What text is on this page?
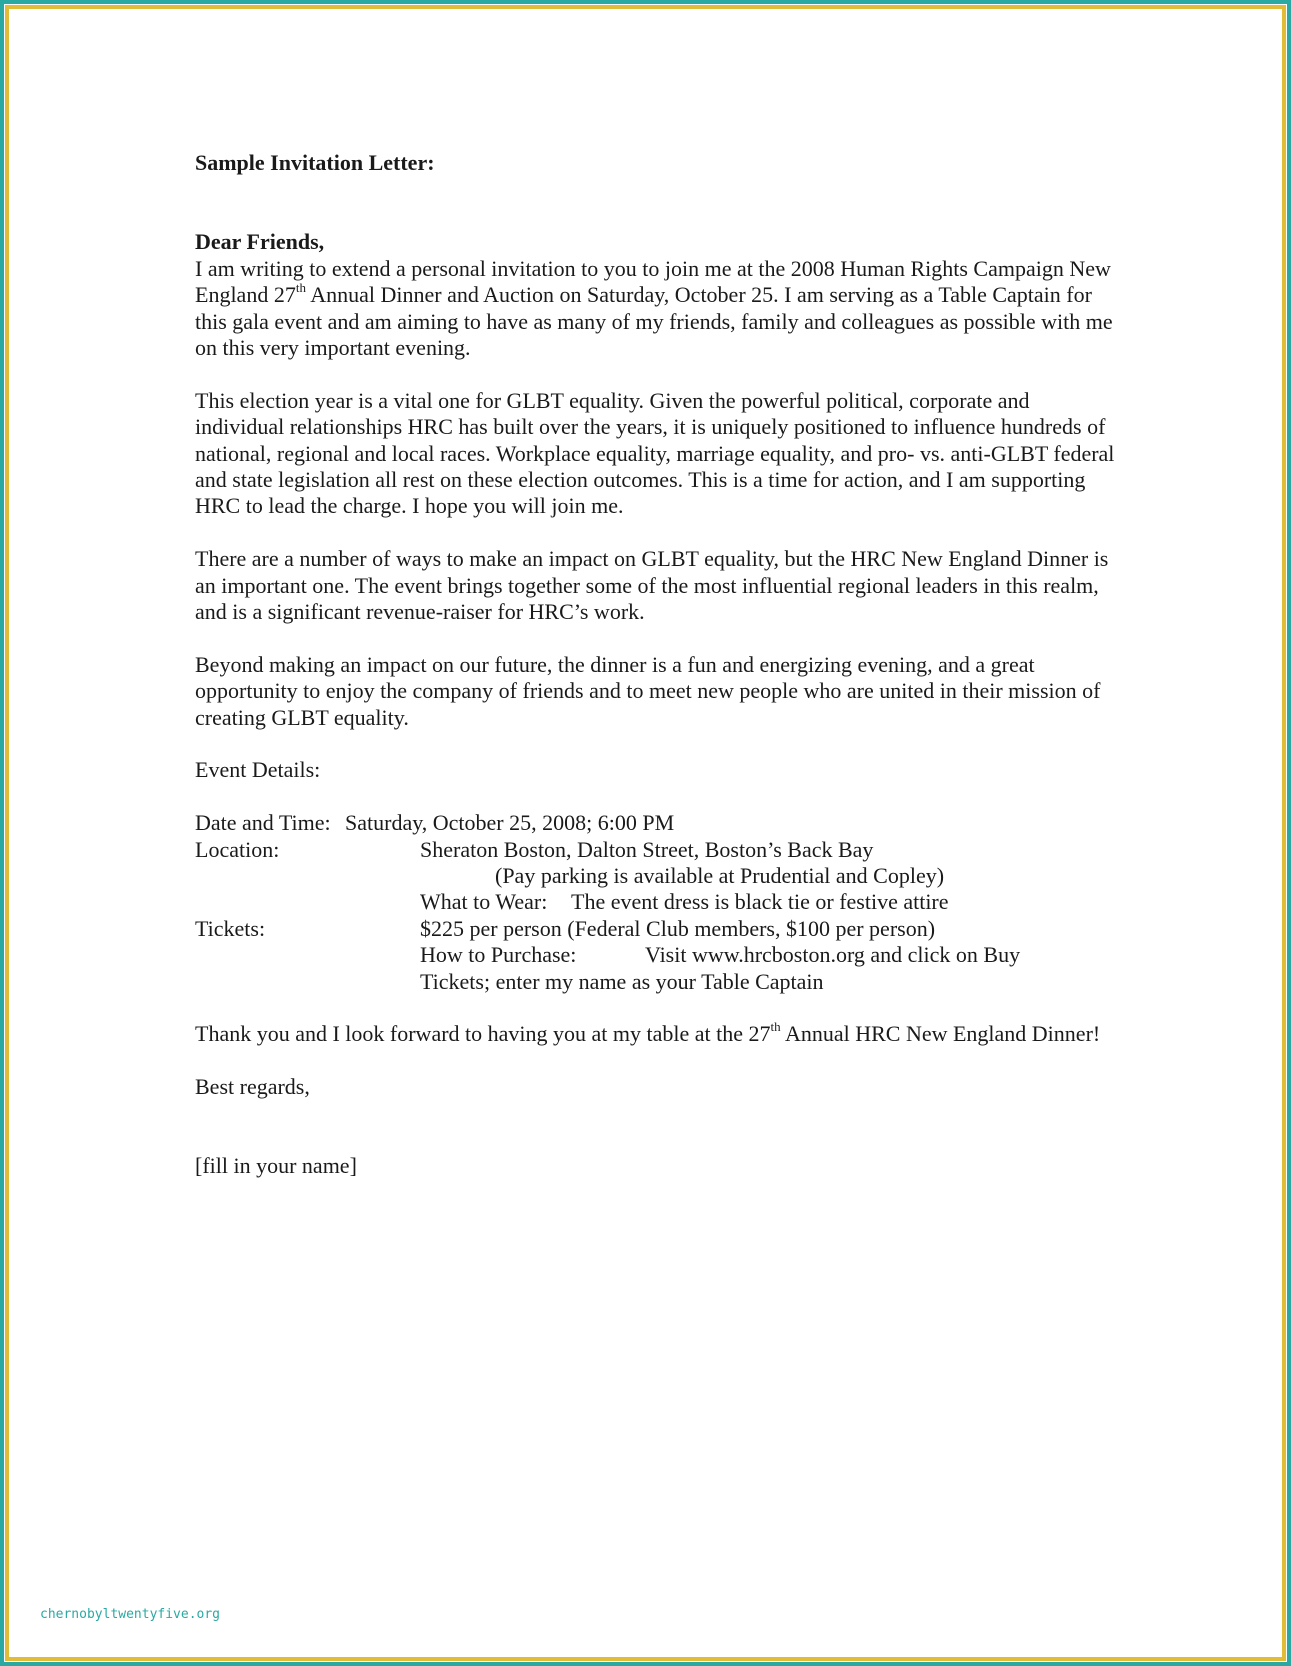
Sample Invitation Letter:

Dear Friends,

I am writing to extend a personal invitation to you to join me at the 2008 Human Rights Campaign New England 27th Annual Dinner and Auction on Saturday, October 25. I am serving as a Table Captain for this gala event and am aiming to have as many of my friends, family and colleagues as possible with me on this very important evening.

This election year is a vital one for GLBT equality. Given the powerful political, corporate and individual relationships HRC has built over the years, it is uniquely positioned to influence hundreds of national, regional and local races. Workplace equality, marriage equality, and pro- vs. anti-GLBT federal and state legislation all rest on these election outcomes. This is a time for action, and I am supporting HRC to lead the charge. I hope you will join me.

There are a number of ways to make an impact on GLBT equality, but the HRC New England Dinner is an important one. The event brings together some of the most influential regional leaders in this realm, and is a significant revenue-raiser for HRC’s work.

Beyond making an impact on our future, the dinner is a fun and energizing evening, and a great opportunity to enjoy the company of friends and to meet new people who are united in their mission of creating GLBT equality.

Event Details:

Date and Time: Saturday, October 25, 2008; 6:00 PM
Location:	Sheraton Boston, Dalton Street, Boston’s Back Bay
(Pay parking is available at Prudential and Copley)
What to Wear: The event dress is black tie or festive attire
Tickets:	$225 per person (Federal Club members, $100 per person)
How to Purchase:	Visit www.hrcboston.org and click on Buy
Tickets; enter my name as your Table Captain

Thank you and I look forward to having you at my table at the 27th Annual HRC New England Dinner!

Best regards,

[fill in your name]

chernobyltwentyfive.org
